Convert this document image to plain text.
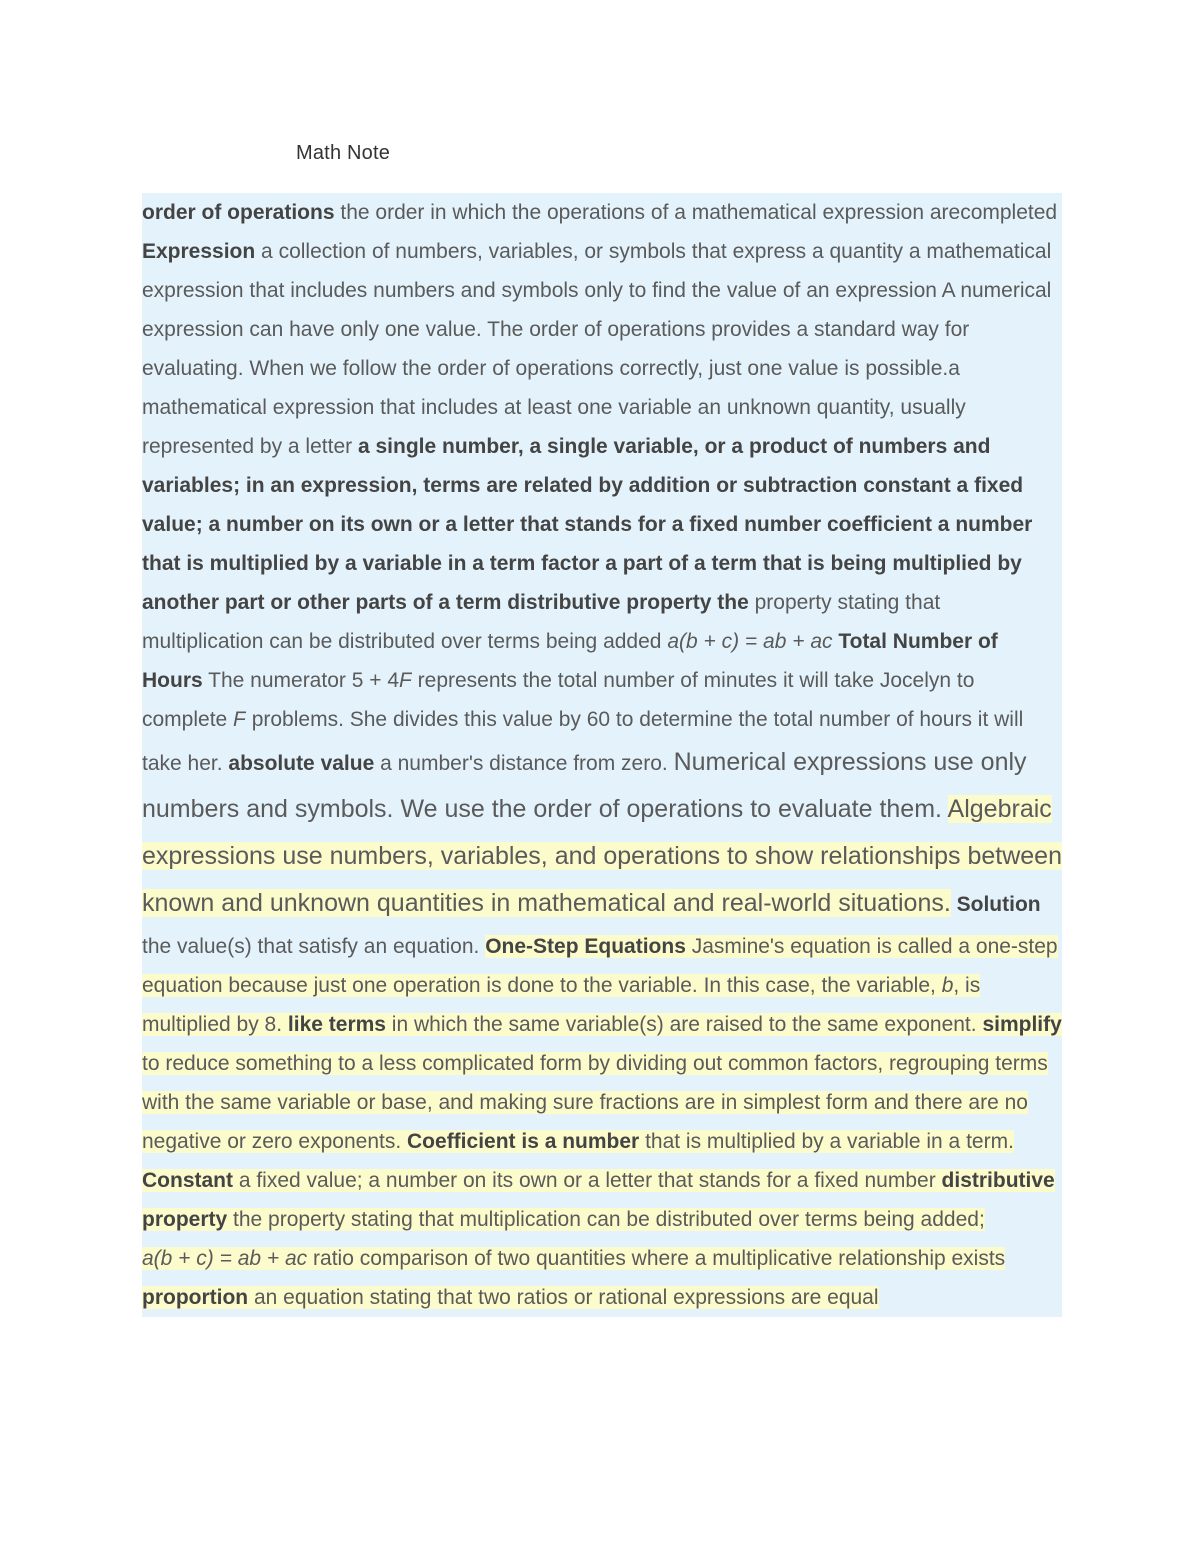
Math Note
order of operations the order in which the operations of a mathematical expression arecompleted Expression a collection of numbers, variables, or symbols that express a quantity a mathematical expression that includes numbers and symbols only to find the value of an expression A numerical expression can have only one value. The order of operations provides a standard way for evaluating. When we follow the order of operations correctly, just one value is possible.a mathematical expression that includes at least one variable an unknown quantity, usually represented by a letter a single number, a single variable, or a product of numbers and variables; in an expression, terms are related by addition or subtraction constant a fixed value; a number on its own or a letter that stands for a fixed number coefficient a number that is multiplied by a variable in a term factor a part of a term that is being multiplied by another part or other parts of a term distributive property the property stating that multiplication can be distributed over terms being added a(b + c) = ab + ac Total Number of Hours The numerator 5 + 4F represents the total number of minutes it will take Jocelyn to complete F problems. She divides this value by 60 to determine the total number of hours it will take her. absolute value a number's distance from zero. Numerical expressions use only numbers and symbols. We use the order of operations to evaluate them. Algebraic expressions use numbers, variables, and operations to show relationships between known and unknown quantities in mathematical and real-world situations. Solution the value(s) that satisfy an equation. One-Step Equations Jasmine's equation is called a one-step equation because just one operation is done to the variable. In this case, the variable, b, is multiplied by 8. like terms in which the same variable(s) are raised to the same exponent. simplify to reduce something to a less complicated form by dividing out common factors, regrouping terms with the same variable or base, and making sure fractions are in simplest form and there are no negative or zero exponents. Coefficient is a number that is multiplied by a variable in a term. Constant a fixed value; a number on its own or a letter that stands for a fixed number distributive property the property stating that multiplication can be distributed over terms being added;
a(b + c) = ab + ac ratio comparison of two quantities where a multiplicative relationship exists proportion an equation stating that two ratios or rational expressions are equal
